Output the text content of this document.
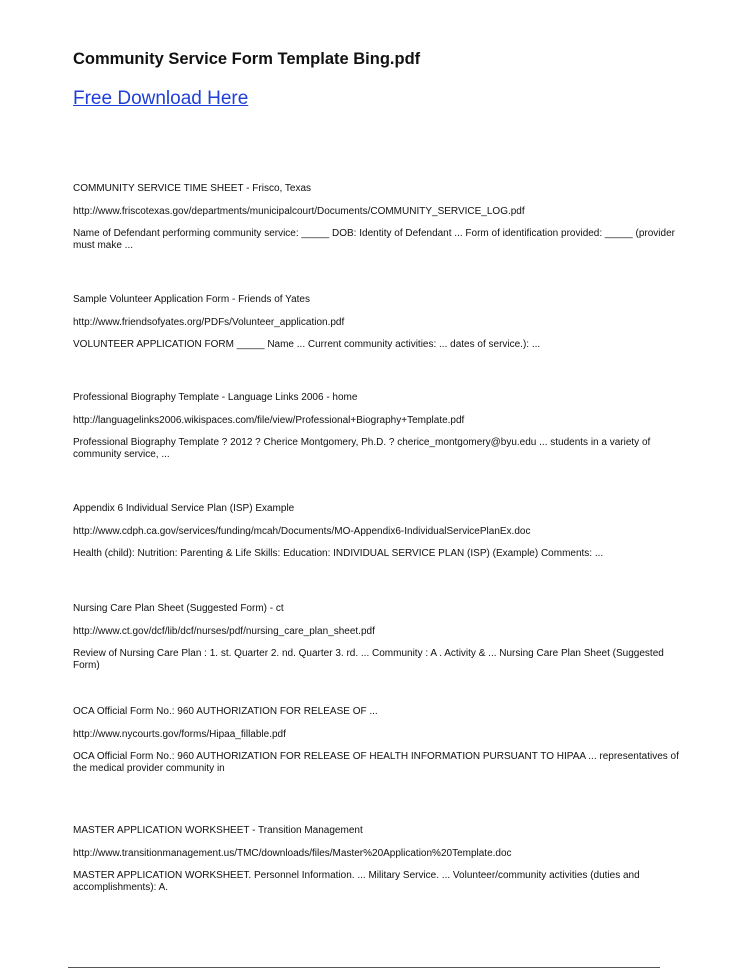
Community Service Form Template Bing.pdf
Free Download Here

COMMUNITY SERVICE TIME SHEET - Frisco, Texas

http://www.friscotexas.gov/departments/municipalcourt/Documents/COMMUNITY_SERVICE_LOG.pdf

Name of Defendant performing community service: _____ DOB: Identity of Defendant ... Form of identification provided: _____ (provider must make ...

Sample Volunteer Application Form - Friends of Yates

http://www.friendsofyates.org/PDFs/Volunteer_application.pdf

VOLUNTEER APPLICATION FORM _____ Name ... Current community activities: ... dates of service.): ...

Professional Biography Template - Language Links 2006 - home

http://languagelinks2006.wikispaces.com/file/view/Professional+Biography+Template.pdf

Professional Biography Template ? 2012 ? Cherice Montgomery, Ph.D. ? cherice_montgomery@byu.edu ... students in a variety of community service, ...

Appendix 6 Individual Service Plan (ISP) Example

http://www.cdph.ca.gov/services/funding/mcah/Documents/MO-Appendix6-IndividualServicePlanEx.doc

Health (child): Nutrition: Parenting & Life Skills: Education: INDIVIDUAL SERVICE PLAN (ISP) (Example) Comments: ...

Nursing Care Plan Sheet (Suggested Form) - ct

http://www.ct.gov/dcf/lib/dcf/nurses/pdf/nursing_care_plan_sheet.pdf

Review of Nursing Care Plan : 1. st. Quarter 2. nd. Quarter 3. rd. ... Community : A . Activity & ... Nursing Care Plan Sheet (Suggested Form)

OCA Official Form No.: 960 AUTHORIZATION FOR RELEASE OF ...

http://www.nycourts.gov/forms/Hipaa_fillable.pdf

OCA Official Form No.: 960 AUTHORIZATION FOR RELEASE OF HEALTH INFORMATION PURSUANT TO HIPAA ... representatives of the medical provider community in

MASTER APPLICATION WORKSHEET - Transition Management

http://www.transitionmanagement.us/TMC/downloads/files/Master%20Application%20Template.doc

MASTER APPLICATION WORKSHEET. Personnel Information. ... Military Service. ... Volunteer/community activities (duties and accomplishments): A.
